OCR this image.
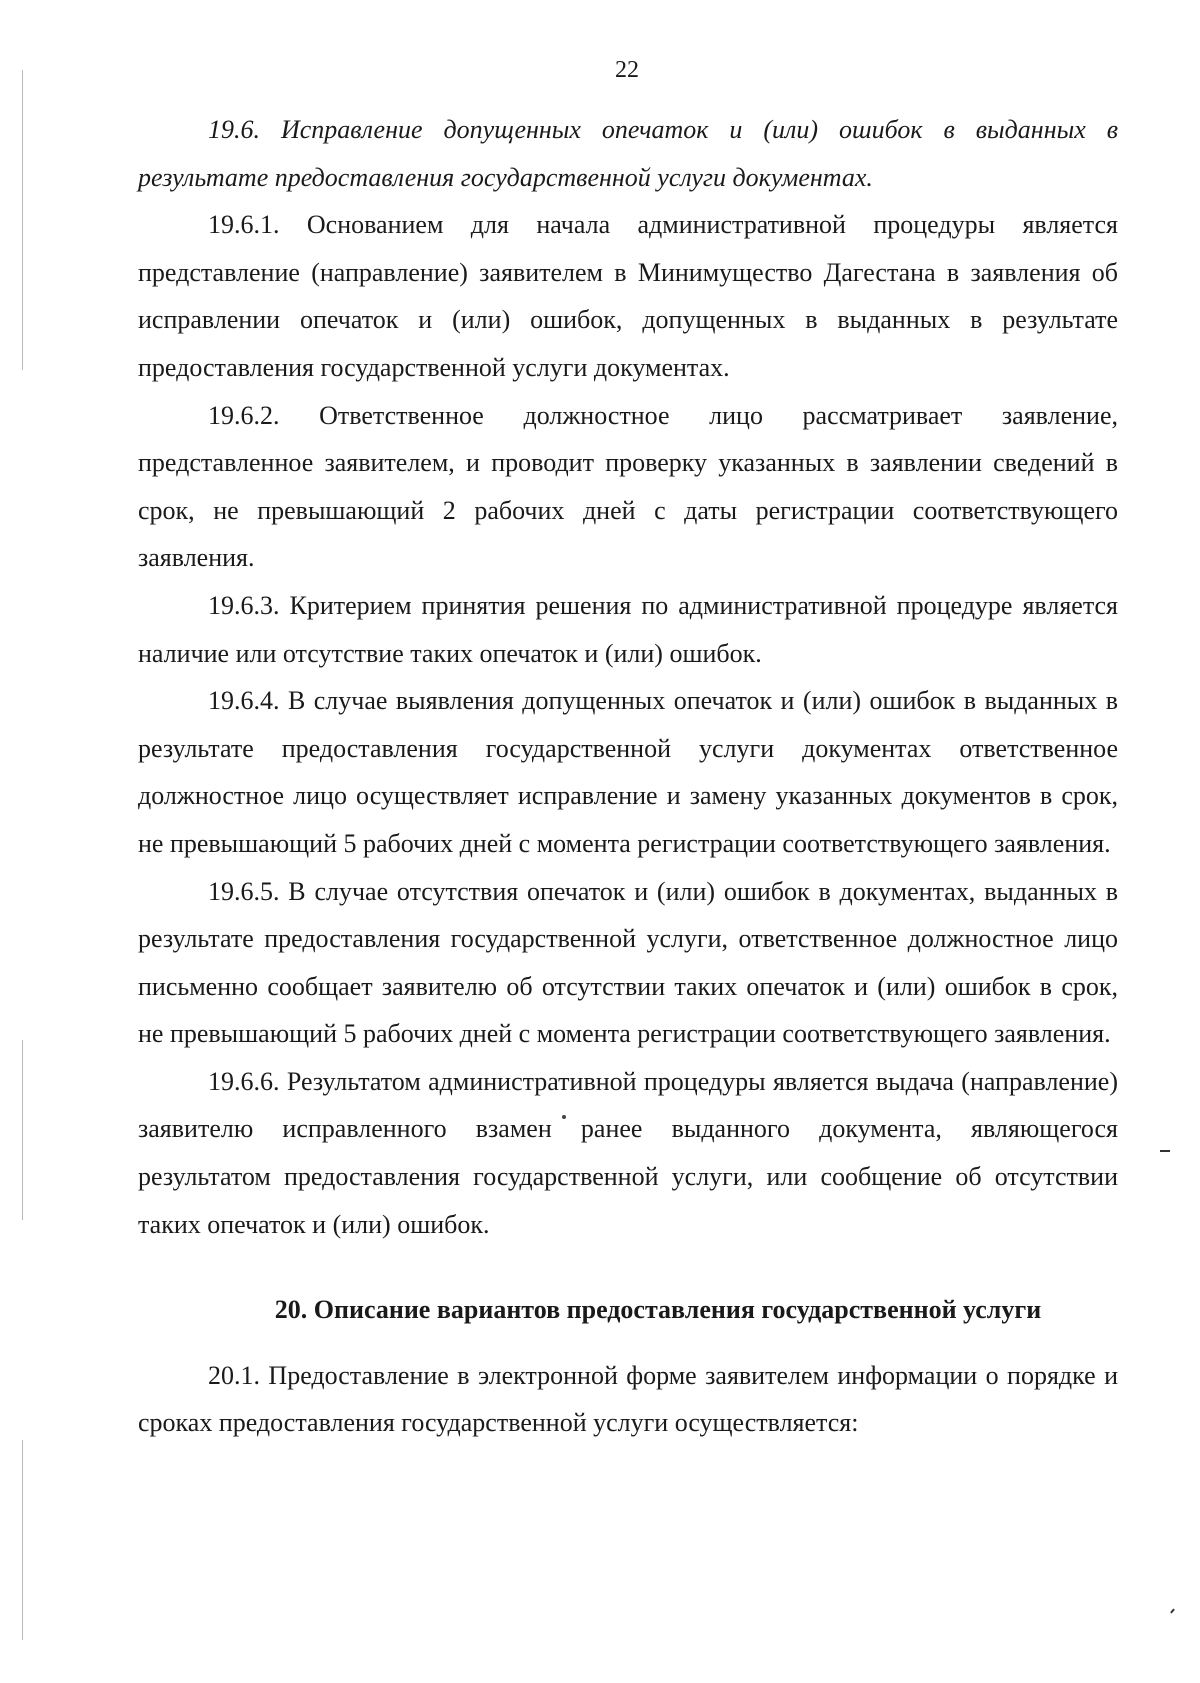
22

19.6. Исправление допущенных опечаток и (или) ошибок в выданных в результате предоставления государственной услуги документах.

19.6.1. Основанием для начала административной процедуры является представление (направление) заявителем в Минимущество Дагестана в заявления об исправлении опечаток и (или) ошибок, допущенных в выданных в результате предоставления государственной услуги документах.

19.6.2. Ответственное должностное лицо рассматривает заявление, представленное заявителем, и проводит проверку указанных в заявлении сведений в срок, не превышающий 2 рабочих дней с даты регистрации соответствующего заявления.

19.6.3. Критерием принятия решения по административной процедуре является наличие или отсутствие таких опечаток и (или) ошибок.

19.6.4. В случае выявления допущенных опечаток и (или) ошибок в выданных в результате предоставления государственной услуги документах ответственное должностное лицо осуществляет исправление и замену указанных документов в срок, не превышающий 5 рабочих дней с момента регистрации соответствующего заявления.

19.6.5. В случае отсутствия опечаток и (или) ошибок в документах, выданных в результате предоставления государственной услуги, ответственное должностное лицо письменно сообщает заявителю об отсутствии таких опечаток и (или) ошибок в срок, не превышающий 5 рабочих дней с момента регистрации соответствующего заявления.

19.6.6. Результатом административной процедуры является выдача (направление) заявителю исправленного взамен ранее выданного документа, являющегося результатом предоставления государственной услуги, или сообщение об отсутствии таких опечаток и (или) ошибок.

20. Описание вариантов предоставления государственной услуги

20.1. Предоставление в электронной форме заявителем информации о порядке и сроках предоставления государственной услуги осуществляется:
